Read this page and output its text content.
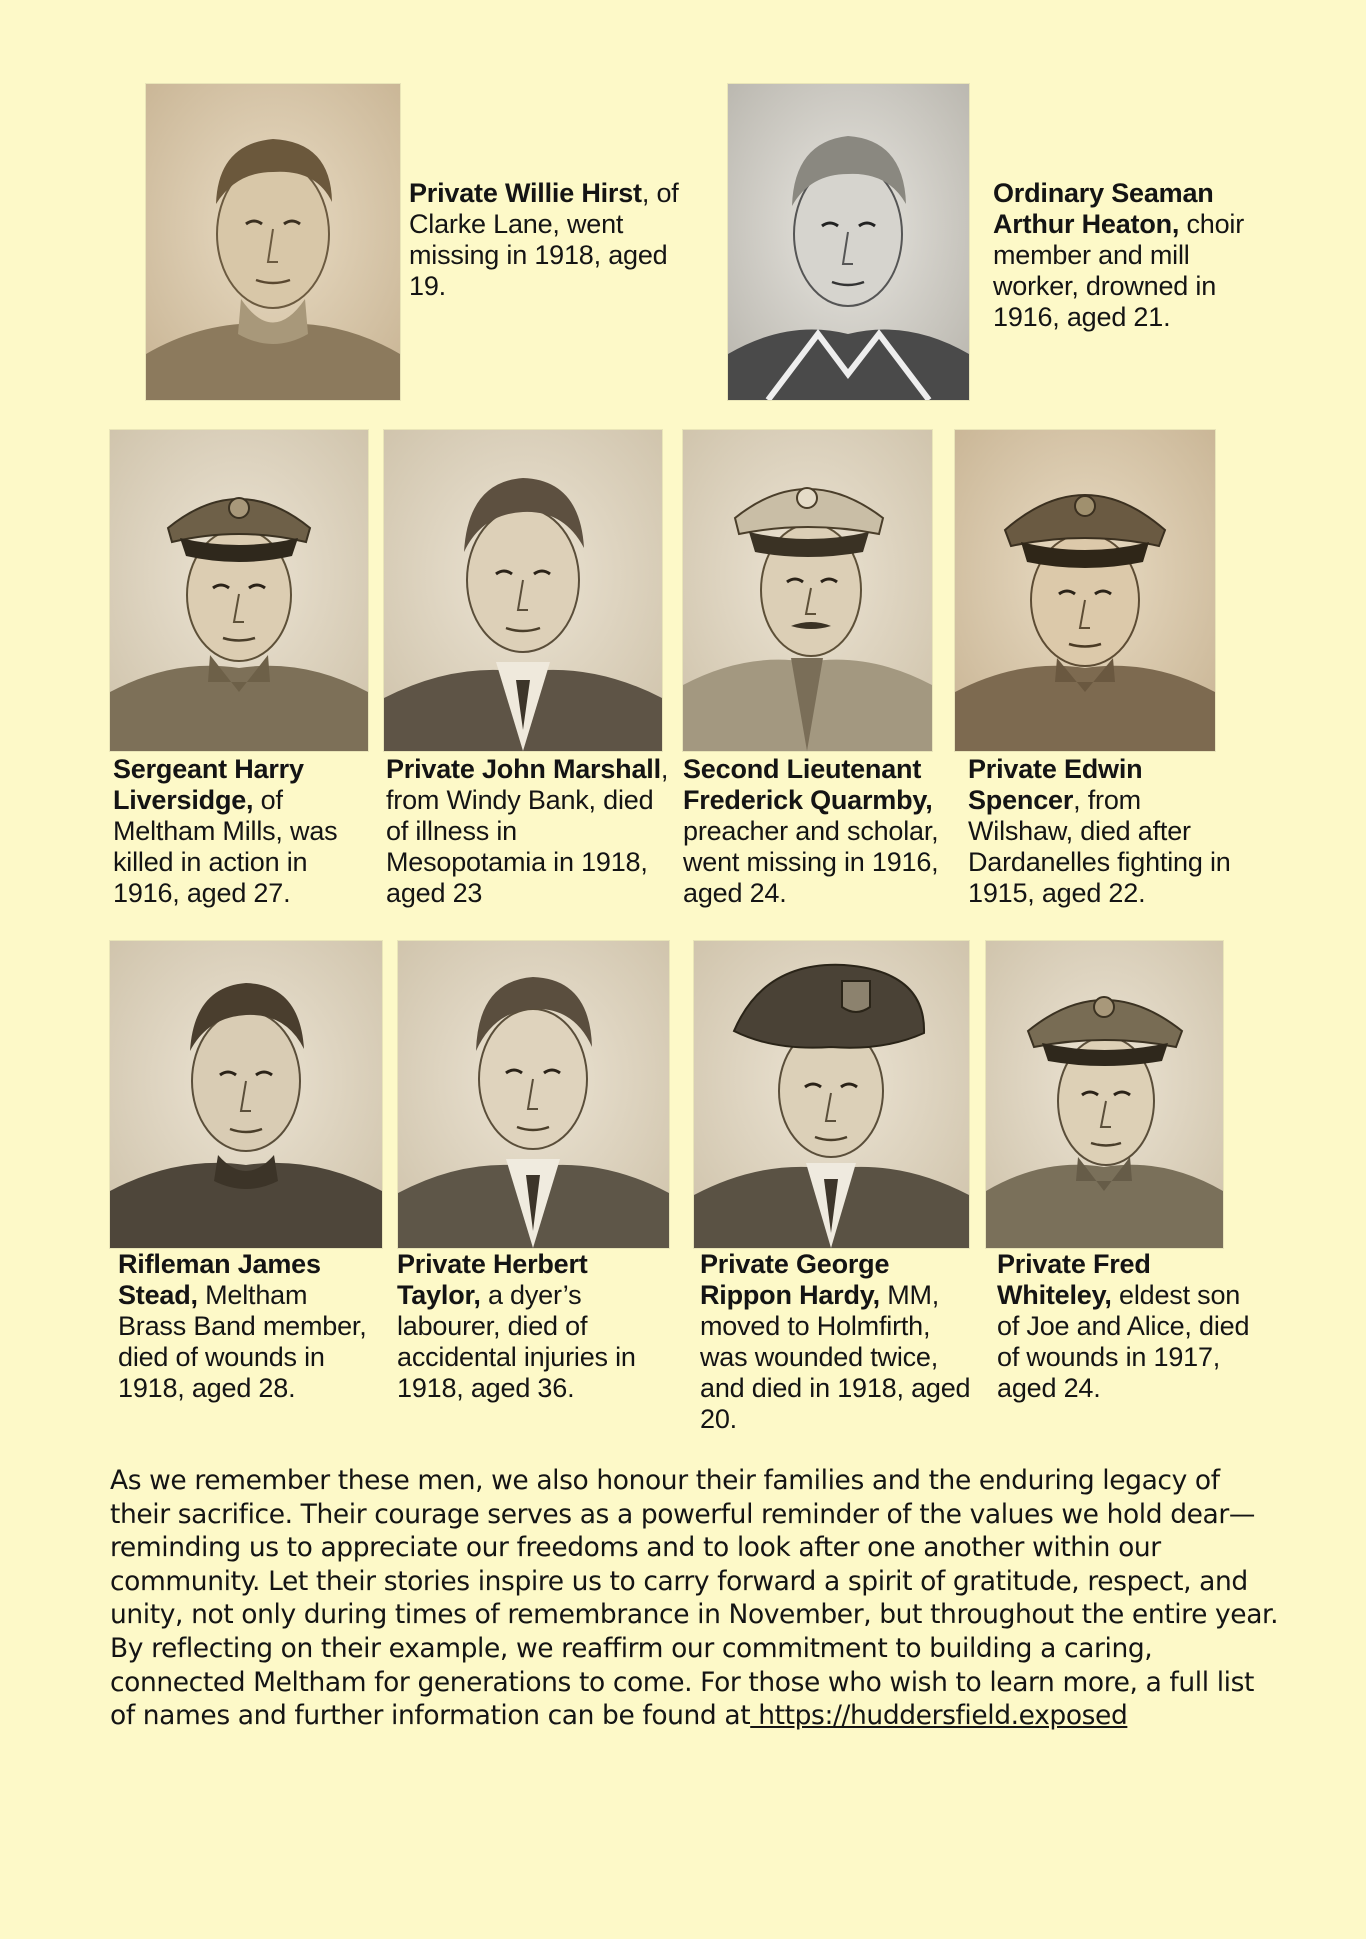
Private Willie Hirst, of Clarke Lane, went missing in 1918, aged 19.
Ordinary Seaman Arthur Heaton, choir member and mill worker, drowned in 1916, aged 21.
Sergeant Harry Liversidge, of Meltham Mills, was killed in action in 1916, aged 27.
Private John Marshall, from Windy Bank, died of illness in Mesopotamia in 1918, aged 23
Second Lieutenant Frederick Quarmby, preacher and scholar, went missing in 1916, aged 24.
Private Edwin Spencer, from Wilshaw, died after Dardanelles fighting in 1915, aged 22.
Rifleman James Stead, Meltham Brass Band member, died of wounds in 1918, aged 28.
Private Herbert Taylor, a dyer’s labourer, died of accidental injuries in 1918, aged 36.
Private George Rippon Hardy, MM, moved to Holmfirth, was wounded twice, and died in 1918, aged 20.
Private Fred Whiteley, eldest son of Joe and Alice, died of wounds in 1917, aged 24.
As we remember these men, we also honour their families and the enduring legacy of their sacrifice. Their courage serves as a powerful reminder of the values we hold dear—reminding us to appreciate our freedoms and to look after one another within our community. Let their stories inspire us to carry forward a spirit of gratitude, respect, and unity, not only during times of remembrance in November, but throughout the entire year. By reflecting on their example, we reaffirm our commitment to building a caring, connected Meltham for generations to come. For those who wish to learn more, a full list of names and further information can be found at https://huddersfield.exposed
